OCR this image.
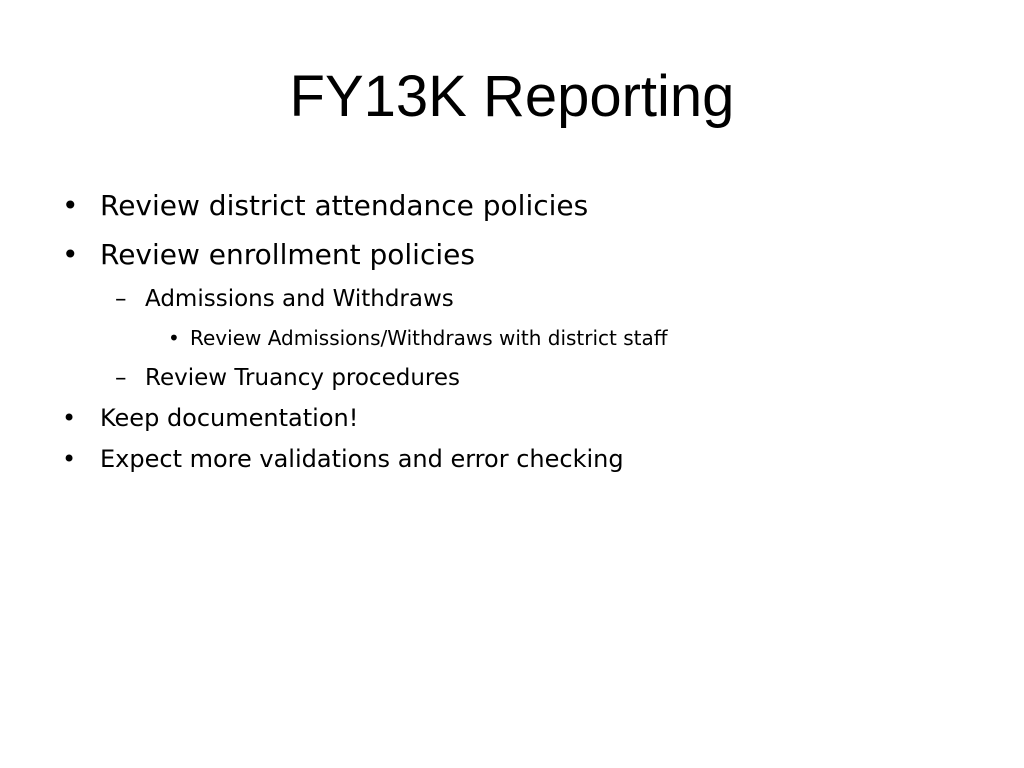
FY13K Reporting
• Review district attendance policies
• Review enrollment policies
– Admissions and Withdraws
• Review Admissions/Withdraws with district staff
– Review Truancy procedures
• Keep documentation!
• Expect more validations and error checking
